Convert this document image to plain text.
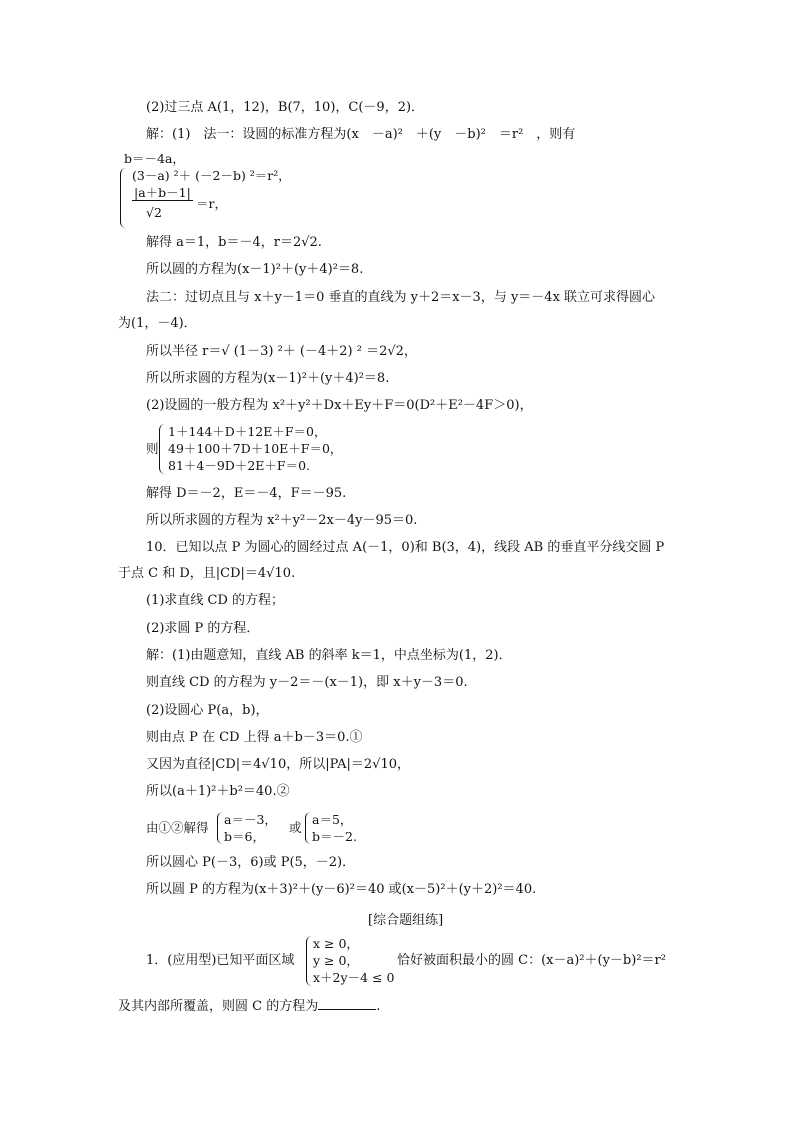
(2)过三点 A(1，12)，B(7，10)，C(－9，2)．
解：(1)　法一：设圆的标准方程为(x　－a)²　＋(y　－b)²　＝r²　，则有
b＝－4a，
(3－a) ²＋ (－2－b) ²＝r²，
|a＋b－1|
√2
＝r，
解得 a＝1，b＝－4，r＝2√2.
所以圆的方程为(x－1)²＋(y＋4)²＝8.
法二：过切点且与 x＋y－1＝0 垂直的直线为 y＋2＝x－3，与 y＝－4x 联立可求得圆心
为(1，－4)．
所以半径 r＝√ (1－3) ²＋ (－4＋2) ² ＝2√2，
所以所求圆的方程为(x－1)²＋(y＋4)²＝8.
(2)设圆的一般方程为 x²＋y²＋Dx＋Ey＋F＝0(D²＋E²－4F＞0)，
则
1＋144＋D＋12E＋F＝0，
49＋100＋7D＋10E＋F＝0，
81＋4－9D＋2E＋F＝0.
解得 D＝－2，E＝－4，F＝－95.
所以所求圆的方程为 x²＋y²－2x－4y－95＝0.
10．已知以点 P 为圆心的圆经过点 A(－1，0)和 B(3，4)，线段 AB 的垂直平分线交圆 P
于点 C 和 D，且|CD|＝4√10.
(1)求直线 CD 的方程；
(2)求圆 P 的方程．
解：(1)由题意知，直线 AB 的斜率 k＝1，中点坐标为(1，2)．
则直线 CD 的方程为 y－2＝－(x－1)，即 x＋y－3＝0.
(2)设圆心 P(a，b)，
则由点 P 在 CD 上得 a＋b－3＝0.①
又因为直径|CD|＝4√10，所以|PA|＝2√10，
所以(a＋1)²＋b²＝40.②
由①②解得
a＝－3，
b＝6，
或
a＝5，
b＝－2.
所以圆心 P(－3，6)或 P(5，－2)．
所以圆 P 的方程为(x＋3)²＋(y－6)²＝40 或(x－5)²＋(y＋2)²＝40.
[综合题组练]
1．(应用型)已知平面区域
x ≥ 0，
y ≥ 0，
x＋2y－4 ≤ 0
恰好被面积最小的圆 C：(x－a)²＋(y－b)²＝r²
及其内部所覆盖，则圆 C 的方程为	.
